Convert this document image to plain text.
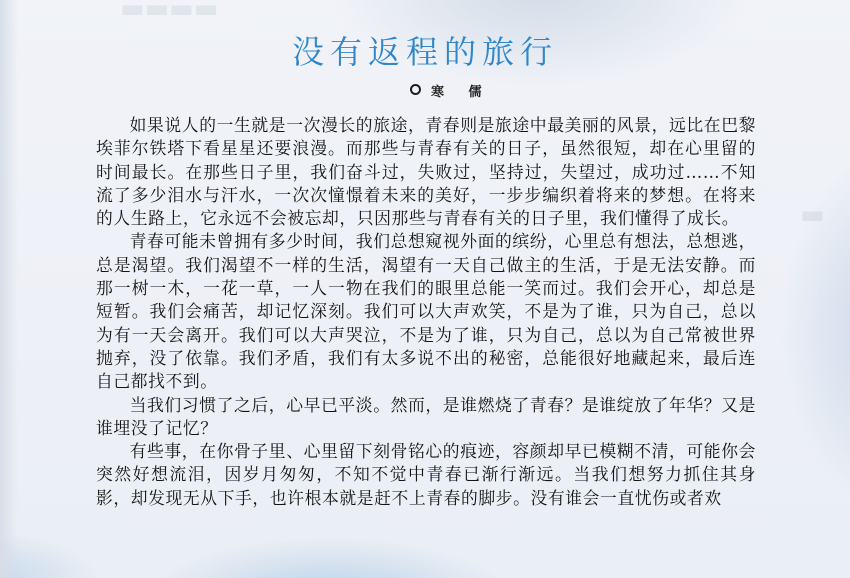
▬▬▬▬
▬
没有返程的旅行
寒 儒

如果说人的一生就是一次漫长的旅途，青春则是旅途中最美丽的风景，远比在巴黎埃菲尔铁塔下看星星还要浪漫。而那些与青春有关的日子，虽然很短，却在心里留的时间最长。在那些日子里，我们奋斗过，失败过，坚持过，失望过，成功过……不知流了多少泪水与汗水，一次次憧憬着未来的美好，一步步编织着将来的梦想。在将来的人生路上，它永远不会被忘却，只因那些与青春有关的日子里，我们懂得了成长。

青春可能未曾拥有多少时间，我们总想窥视外面的缤纷，心里总有想法，总想逃，总是渴望。我们渴望不一样的生活，渴望有一天自己做主的生活，于是无法安静。而那一树一木，一花一草，一人一物在我们的眼里总能一笑而过。我们会开心，却总是短暂。我们会痛苦，却记忆深刻。我们可以大声欢笑，不是为了谁，只为自己，总以为有一天会离开。我们可以大声哭泣，不是为了谁，只为自己，总以为自己常被世界抛弃，没了依靠。我们矛盾，我们有太多说不出的秘密，总能很好地藏起来，最后连自己都找不到。

当我们习惯了之后，心早已平淡。然而，是谁燃烧了青春？是谁绽放了年华？又是谁埋没了记忆？

有些事，在你骨子里、心里留下刻骨铭心的痕迹，容颜却早已模糊不清，可能你会突然好想流泪，因岁月匆匆，不知不觉中青春已渐行渐远。当我们想努力抓住其身影，却发现无从下手，也许根本就是赶不上青春的脚步。没有谁会一直忧伤或者欢
